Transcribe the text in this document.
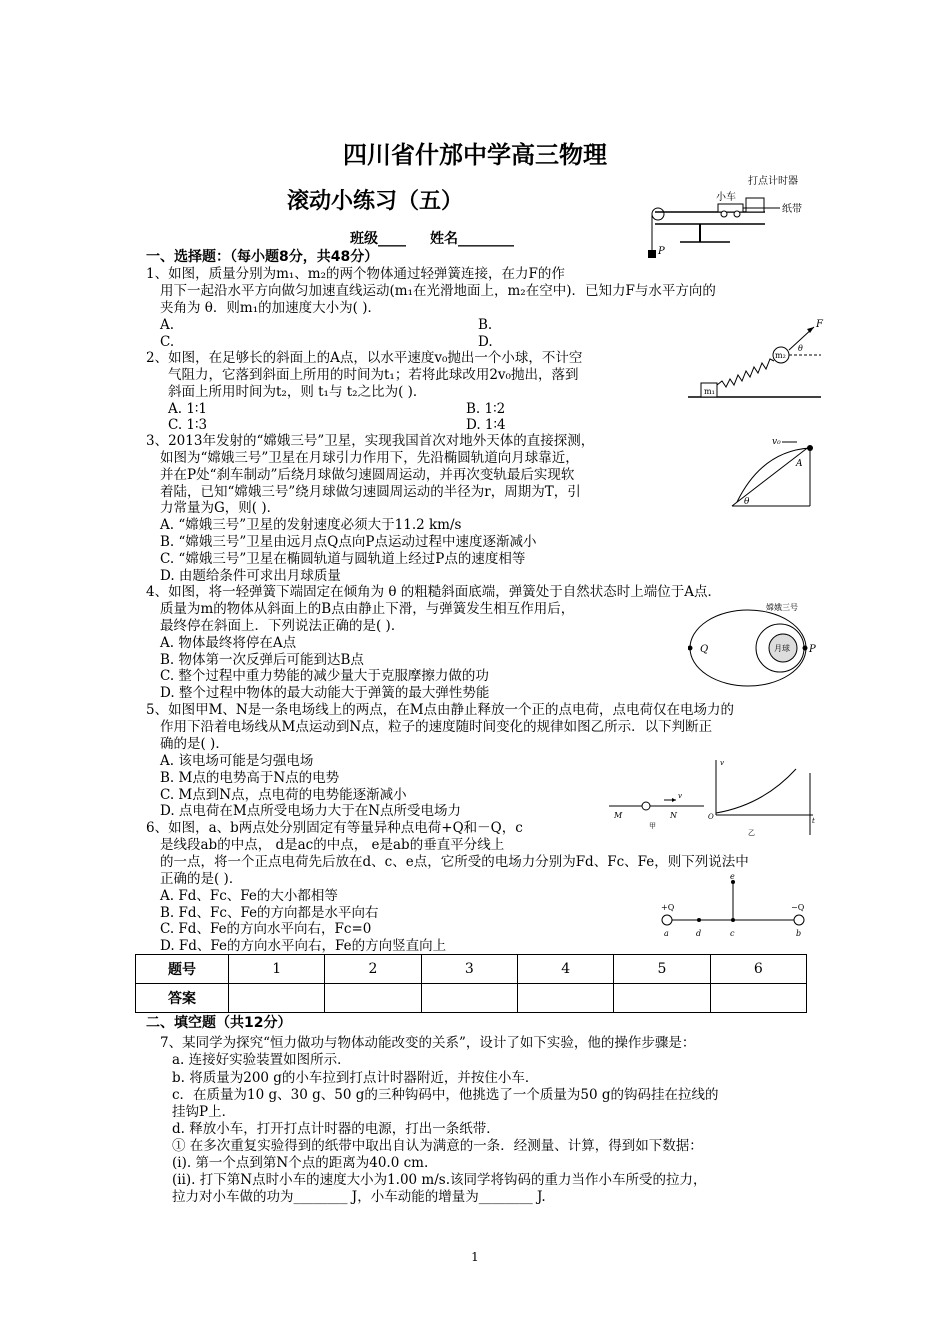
四川省什邡中学高三物理
滚动小练习（五）
班级____ 姓名________
一、选择题：（每小题8分，共48分）
1、如图，质量分别为m₁、m₂的两个物体通过轻弹簧连接，在力F的作
用下一起沿水平方向做匀加速直线运动(m₁在光滑地面上，m₂在空中)．已知力F与水平方向的
夹角为 θ．则m₁的加速度大小为( )．
A.	B.
C.	D.
2、如图，在足够长的斜面上的A点，以水平速度v₀抛出一个小球，不计空
气阻力，它落到斜面上所用的时间为t₁；若将此球改用2v₀抛出，落到
斜面上所用时间为t₂，则 t₁与 t₂之比为( )．
A. 1∶1	B. 1∶2
C. 1∶3	D. 1∶4
3、2013年发射的“嫦娥三号”卫星，实现我国首次对地外天体的直接探测，
如图为“嫦娥三号”卫星在月球引力作用下，先沿椭圆轨道向月球靠近，
并在P处“刹车制动”后绕月球做匀速圆周运动，并再次变轨最后实现软
着陆，已知“嫦娥三号”绕月球做匀速圆周运动的半径为r，周期为T，引
力常量为G，则( )．
A. “嫦娥三号”卫星的发射速度必须大于11.2 km/s
B. “嫦娥三号”卫星由远月点Q点向P点运动过程中速度逐渐减小
C. “嫦娥三号”卫星在椭圆轨道与圆轨道上经过P点的速度相等
D. 由题给条件可求出月球质量
4、如图，将一轻弹簧下端固定在倾角为 θ 的粗糙斜面底端，弹簧处于自然状态时上端位于A点．
质量为m的物体从斜面上的B点由静止下滑，与弹簧发生相互作用后，
最终停在斜面上．下列说法正确的是( )．
A. 物体最终将停在A点
B. 物体第一次反弹后可能到达B点
C. 整个过程中重力势能的减少量大于克服摩擦力做的功
D. 整个过程中物体的最大动能大于弹簧的最大弹性势能
5、如图甲M、N是一条电场线上的两点，在M点由静止释放一个正的点电荷，点电荷仅在电场力的
作用下沿着电场线从M点运动到N点，粒子的速度随时间变化的规律如图乙所示．以下判断正
确的是( )．
A. 该电场可能是匀强电场
B. M点的电势高于N点的电势
C. M点到N点，点电荷的电势能逐渐减小
D. 点电荷在M点所受电场力大于在N点所受电场力
6、如图，a、b两点处分别固定有等量异种点电荷+Q和－Q，c
是线段ab的中点， d是ac的中点， e是ab的垂直平分线上
的一点，将一个正点电荷先后放在d、c、e点，它所受的电场力分别为Fd、Fc、Fe，则下列说法中
正确的是( )．
A. Fd、Fc、Fe的大小都相等
B. Fd、Fc、Fe的方向都是水平向右
C. Fd、Fe的方向水平向右，Fc=0
D. Fd、Fe的方向水平向右，Fe的方向竖直向上
题号	1	2	3	4	5	6
答案						
二、填空题（共12分）
7、某同学为探究“恒力做功与物体动能改变的关系”，设计了如下实验，他的操作步骤是：
a. 连接好实验装置如图所示．
b. 将质量为200 g的小车拉到打点计时器附近，并按住小车．
c．在质量为10 g、30 g、50 g的三种钩码中，他挑选了一个质量为50 g的钩码挂在拉线的
挂钩P上．
d. 释放小车，打开打点计时器的电源，打出一条纸带．
① 在多次重复实验得到的纸带中取出自认为满意的一条．经测量、计算，得到如下数据：
(ⅰ). 第一个点到第N个点的距离为40.0 cm.
(ⅱ). 打下第N点时小车的速度大小为1.00 m/s.该同学将钩码的重力当作小车所受的拉力，
拉力对小车做的功为________ J，小车动能的增量为________ J.
1
小车
打点计时器
纸带
P
F
m₁
m₂
θ
v₀
A
θ
嫦娥三号
Q	P
月球
M	N
v
甲
v
O	t
乙
+Q	−Q
a	d	c	b
e
